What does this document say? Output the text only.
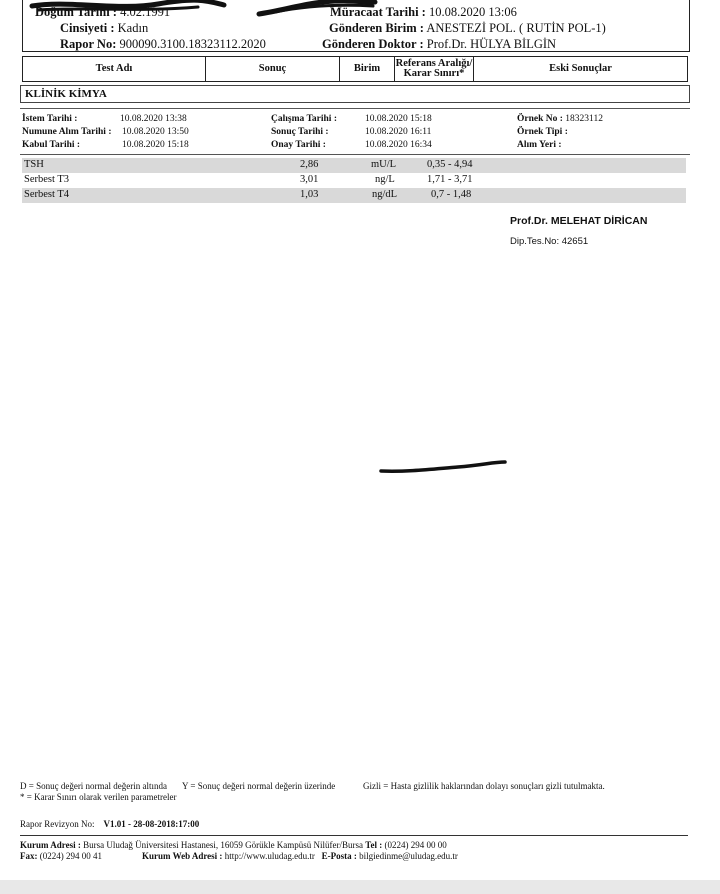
Doğum Tarihi : 4.02.1991
Cinsiyeti : Kadın
Rapor No: 900090.3100.18323112.2020
Müracaat Tarihi : 10.08.2020 13:06
Gönderen Birim : ANESTEZİ POL. ( RUTİN POL-1)
Gönderen Doktor : Prof.Dr. HÜLYA BİLGİN
Test Adı	Sonuç	Birim	Referans Aralığı/
Karar Sınırı*	Eski Sonuçlar
KLİNİK KİMYA
İstem Tarihi :	10.08.2020 13:38
Numune Alım Tarihi : 10.08.2020 13:50
Kabul Tarihi :	10.08.2020 15:18
Çalışma Tarihi :	10.08.2020 15:18
Sonuç Tarihi :	10.08.2020 16:11
Onay Tarihi :	10.08.2020 16:34
Örnek No : 18323112
Örnek Tipi :
Alım Yeri :
TSH	2,86	mU/L	0,35 - 4,94
Serbest T3	3,01	ng/L	1,71 - 3,71
Serbest T4	1,03	ng/dL	0,7 - 1,48
Prof.Dr. MELEHAT DİRİCAN
Dip.Tes.No: 42651
D = Sonuç değeri normal değerin altında Y = Sonuç değeri normal değerin üzerinde	Gizli = Hasta gizlilik haklarından dolayı sonuçları gizli tutulmakta.
* = Karar Sınırı olarak verilen parametreler
Rapor Revizyon No: V1.01 - 28-08-2018:17:00
Kurum Adresi : Bursa Uludağ Üniversitesi Hastanesi, 16059 Görükle Kampüsü Nilüfer/Bursa Tel : (0224) 294 00 00
Fax: (0224) 294 00 41	Kurum Web Adresi : http://www.uludag.edu.tr E-Posta : bilgiedinme@uludag.edu.tr
